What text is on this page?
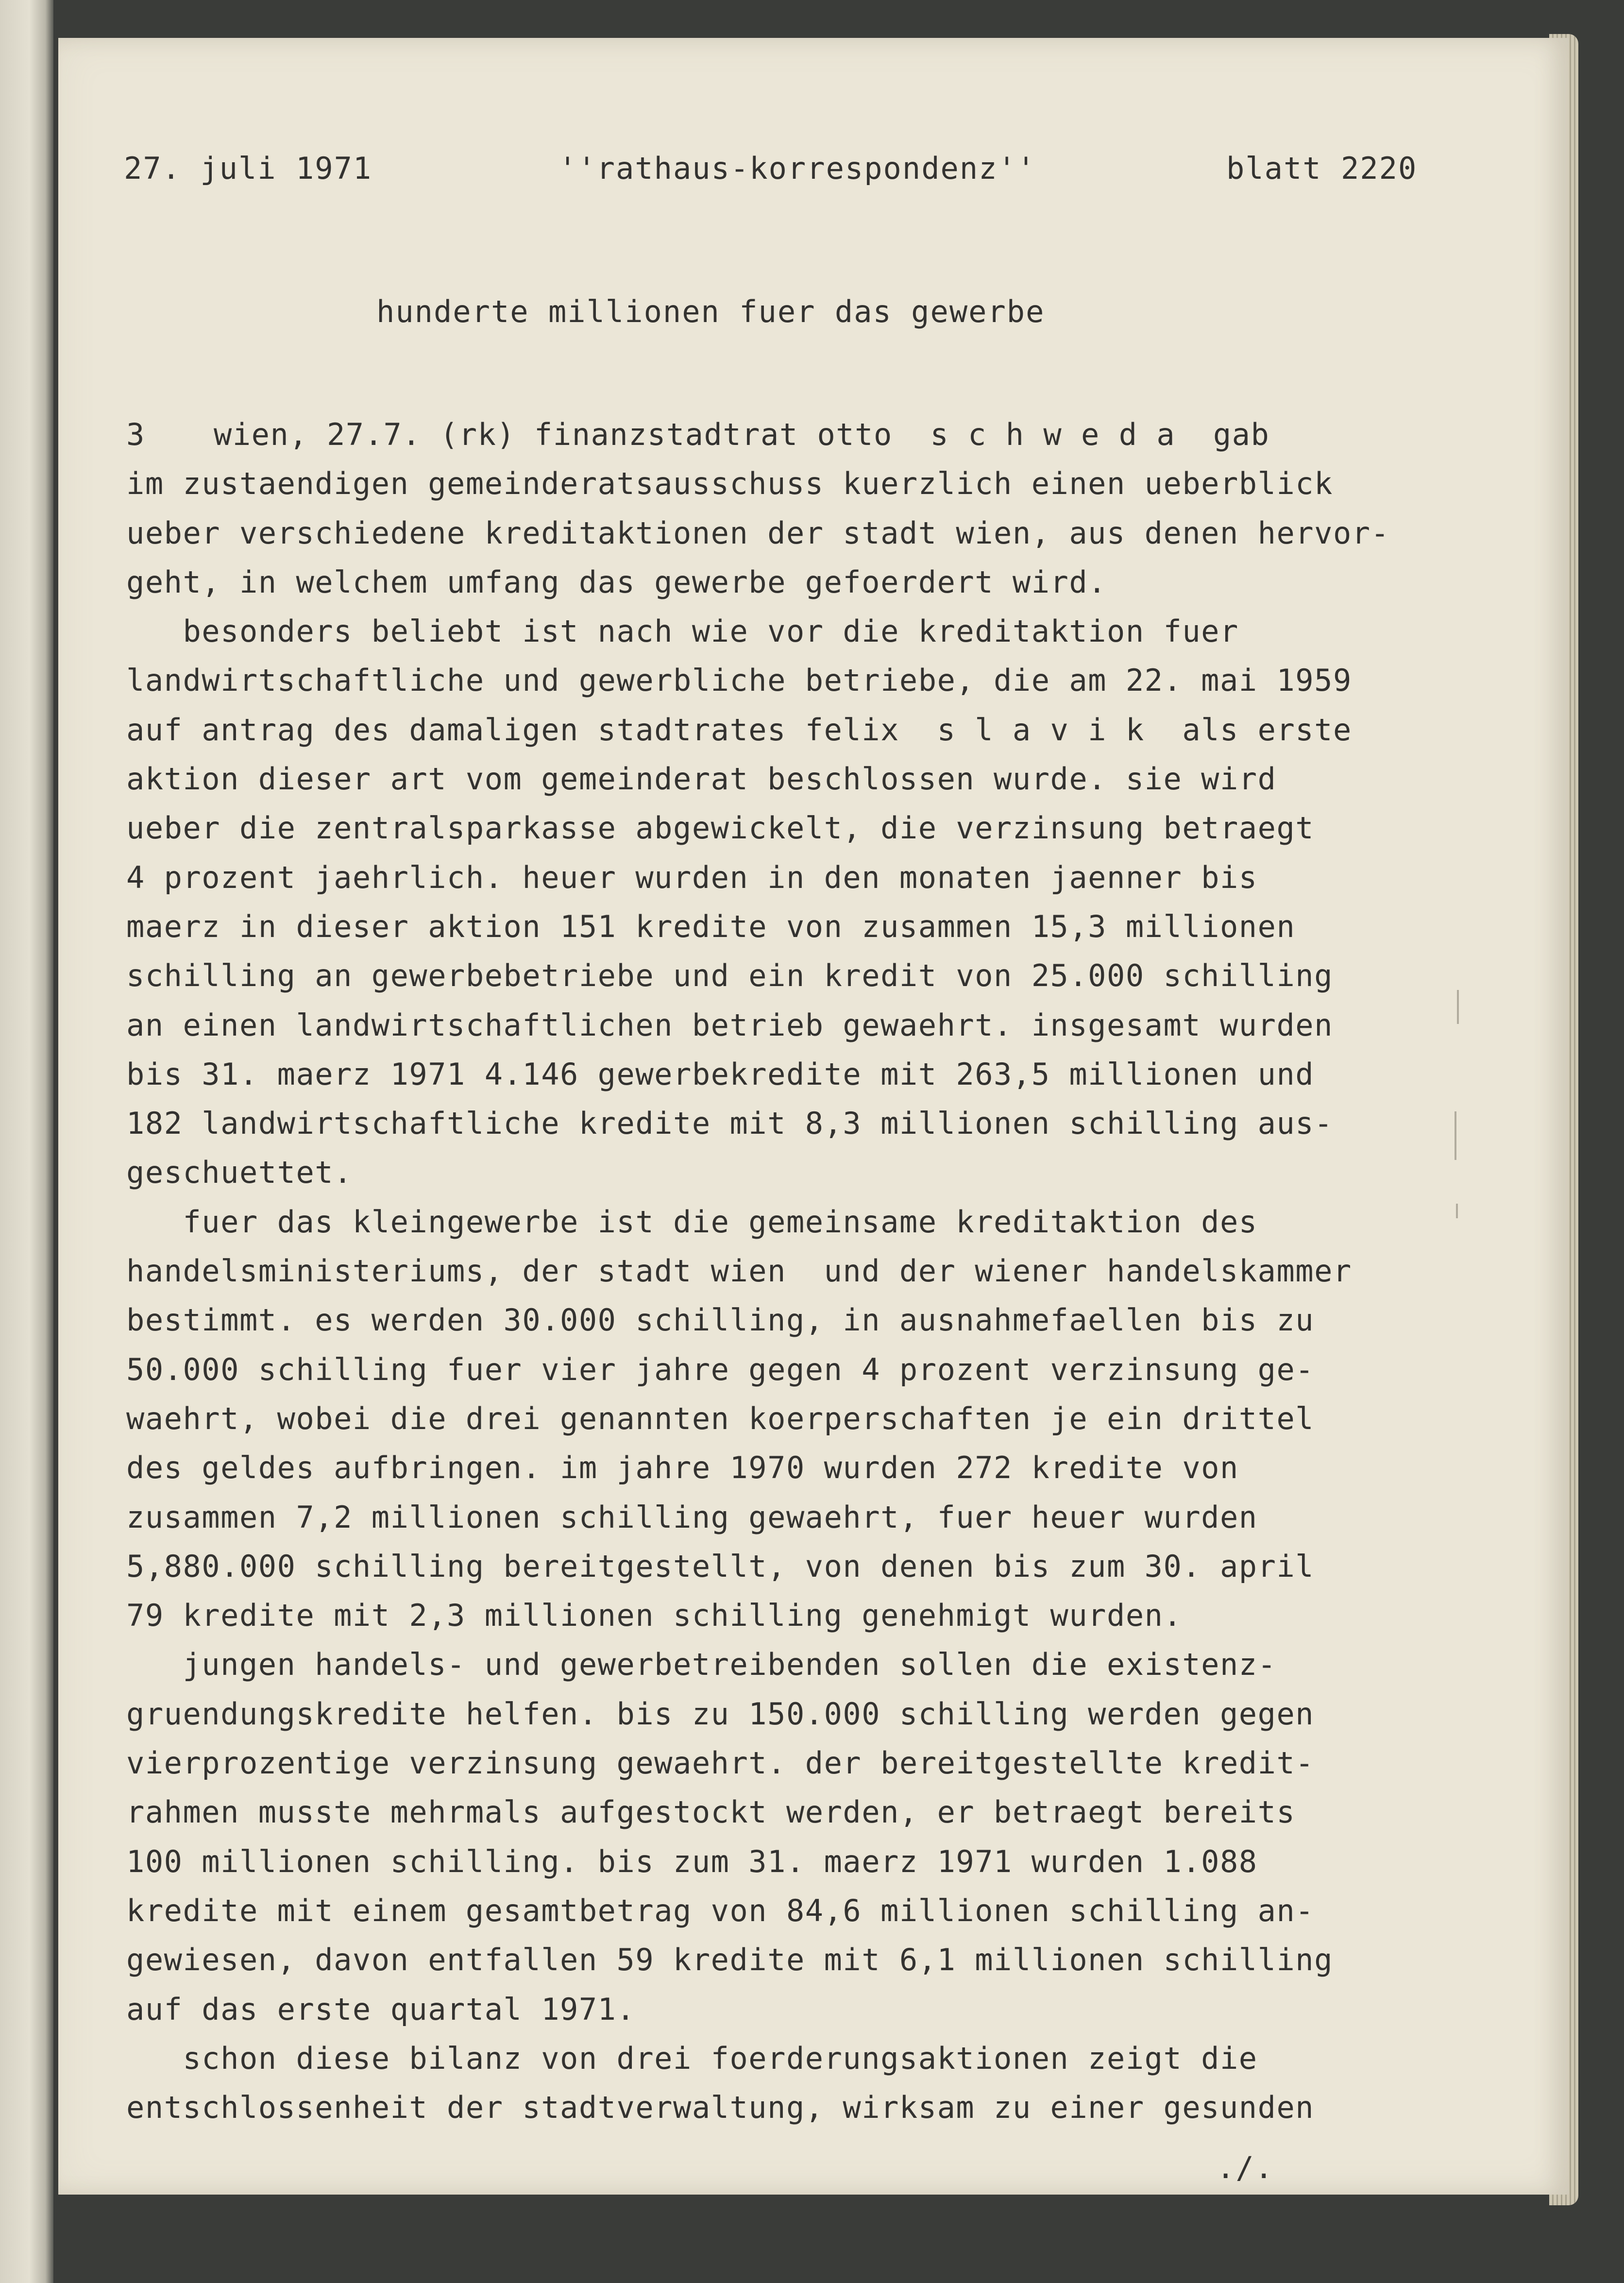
27. juli 1971	''rathaus-korrespondenz''	blatt 2220
hunderte millionen fuer das gewerbe
3 wien, 27.7. (rk) finanzstadtrat otto  s c h w e d a  gab
im zustaendigen gemeinderatsausschuss kuerzlich einen ueberblick
ueber verschiedene kreditaktionen der stadt wien, aus denen hervor-
geht, in welchem umfang das gewerbe gefoerdert wird.
besonders beliebt ist nach wie vor die kreditaktion fuer
landwirtschaftliche und gewerbliche betriebe, die am 22. mai 1959
auf antrag des damaligen stadtrates felix  s l a v i k  als erste
aktion dieser art vom gemeinderat beschlossen wurde. sie wird
ueber die zentralsparkasse abgewickelt, die verzinsung betraegt
4 prozent jaehrlich. heuer wurden in den monaten jaenner bis
maerz in dieser aktion 151 kredite von zusammen 15,3 millionen
schilling an gewerbebetriebe und ein kredit von 25.000 schilling
an einen landwirtschaftlichen betrieb gewaehrt. insgesamt wurden
bis 31. maerz 1971 4.146 gewerbekredite mit 263,5 millionen und
182 landwirtschaftliche kredite mit 8,3 millionen schilling aus-
geschuettet.
fuer das kleingewerbe ist die gemeinsame kreditaktion des
handelsministeriums, der stadt wien  und der wiener handelskammer
bestimmt. es werden 30.000 schilling, in ausnahmefaellen bis zu
50.000 schilling fuer vier jahre gegen 4 prozent verzinsung ge-
waehrt, wobei die drei genannten koerperschaften je ein drittel
des geldes aufbringen. im jahre 1970 wurden 272 kredite von
zusammen 7,2 millionen schilling gewaehrt, fuer heuer wurden
5,880.000 schilling bereitgestellt, von denen bis zum 30. april
79 kredite mit 2,3 millionen schilling genehmigt wurden.
jungen handels- und gewerbetreibenden sollen die existenz-
gruendungskredite helfen. bis zu 150.000 schilling werden gegen
vierprozentige verzinsung gewaehrt. der bereitgestellte kredit-
rahmen musste mehrmals aufgestockt werden, er betraegt bereits
100 millionen schilling. bis zum 31. maerz 1971 wurden 1.088
kredite mit einem gesamtbetrag von 84,6 millionen schilling an-
gewiesen, davon entfallen 59 kredite mit 6,1 millionen schilling
auf das erste quartal 1971.
schon diese bilanz von drei foerderungsaktionen zeigt die
entschlossenheit der stadtverwaltung, wirksam zu einer gesunden
./.
